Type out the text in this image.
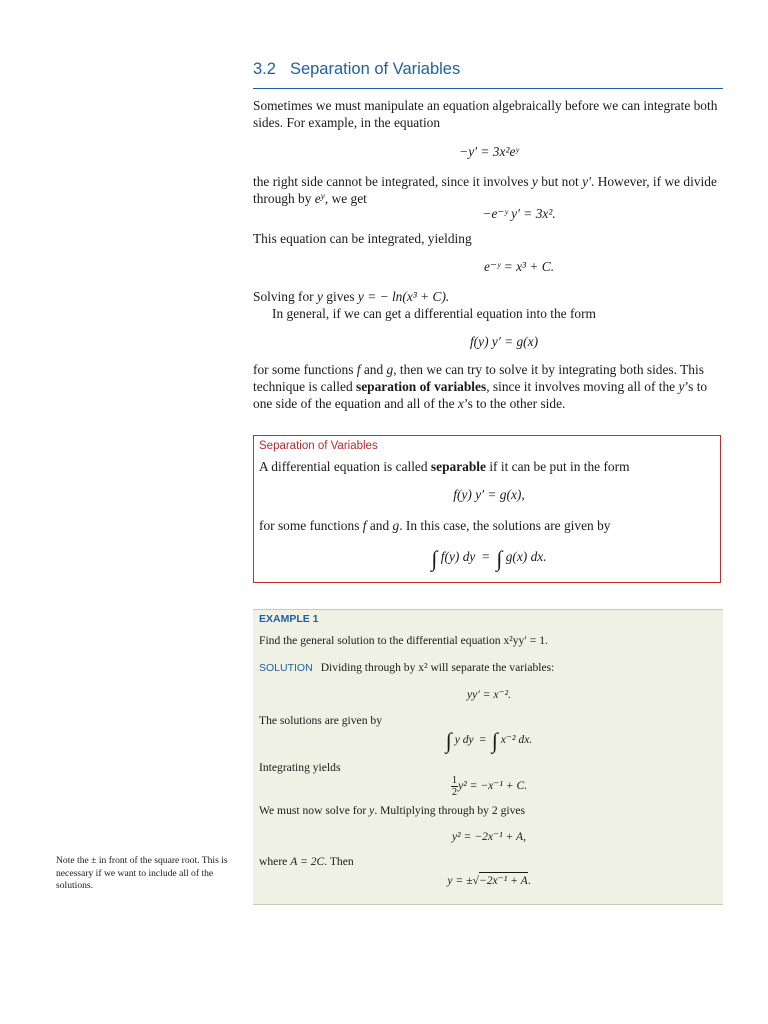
3.2 Separation of Variables
Sometimes we must manipulate an equation algebraically before we can integrate both sides. For example, in the equation
−y′ = 3x²eʸ
the right side cannot be integrated, since it involves y but not y′. However, if we divide through by $e^y$, we get
−e⁻ʸ y′ = 3x².
This equation can be integrated, yielding
e⁻ʸ = x³ + C.
Solving for y gives y = − ln(x³ + C).
In general, if we can get a differential equation into the form
f(y) y′ = g(x)
for some functions f and g, then we can try to solve it by integrating both sides. This technique is called separation of variables, since it involves moving all of the y’s to one side of the equation and all of the x’s to the other side.
Separation of Variables
A differential equation is called separable if it can be put in the form
f(y) y′ = g(x),
for some functions f and g. In this case, the solutions are given by
∫ f(y) dy  =  ∫ g(x) dx.
EXAMPLE 1
Find the general solution to the differential equation x²yy′ = 1.
SOLUTION Dividing through by x² will separate the variables:
yy′ = x⁻².
The solutions are given by
∫ y dy  =  ∫ x⁻² dx.
Integrating yields
$\frac{1}{2} y^2 = -x^{-1} + C$.
We must now solve for y. Multiplying through by 2 gives
y² = −2x⁻¹ + A,
where A = 2C. Then
y = ±√−2x⁻¹ + A.
Note the ± in front of the square root. This is necessary if we want to include all of the solutions.
